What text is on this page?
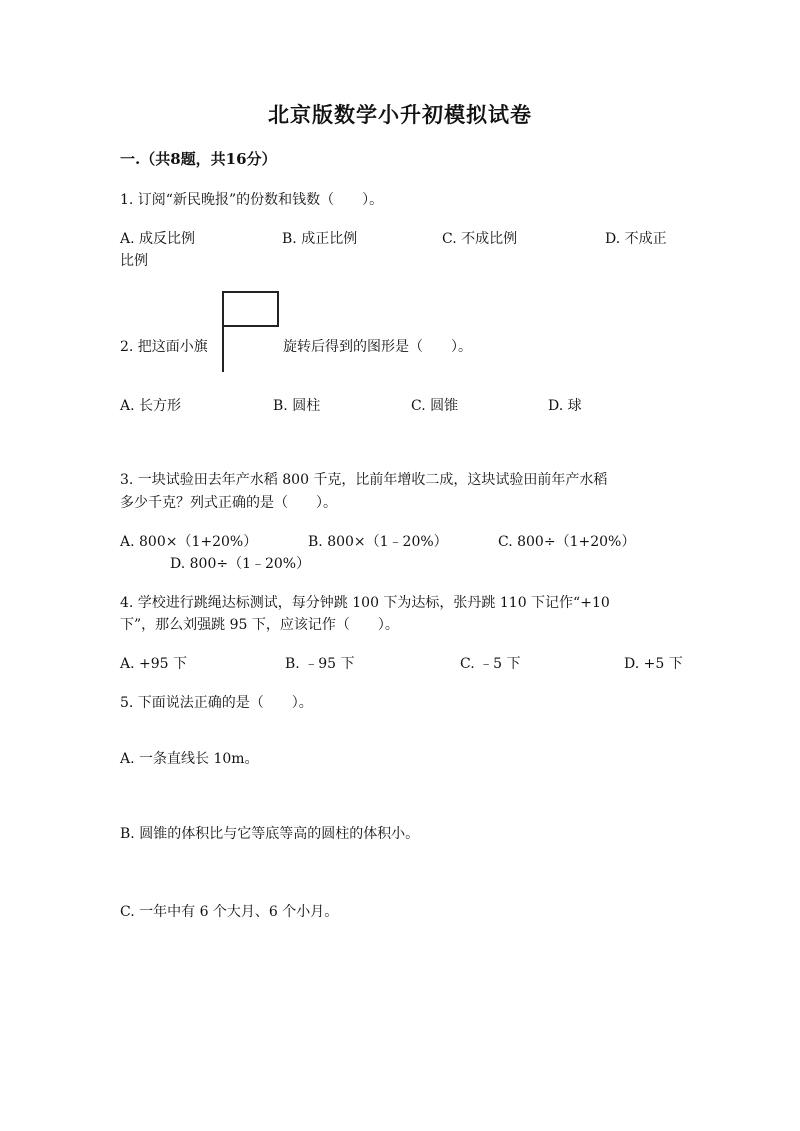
北京版数学小升初模拟试卷
一.（共8题，共16分）
1. 订阅“新民晚报”的份数和钱数（　　）。
A. 成反比例	B. 成正比例	C. 不成比例	D. 不成正
比例
2. 把这面小旗	旋转后得到的图形是（　　）。
A. 长方形	B. 圆柱	C. 圆锥	D. 球
3. 一块试验田去年产水稻 800 千克，比前年增收二成，这块试验田前年产水稻
多少千克？列式正确的是（　　）。
A. 800×（1+20%）	B. 800×（1﹣20%）	C. 800÷（1+20%）
D. 800÷（1﹣20%）
4. 学校进行跳绳达标测试，每分钟跳 100 下为达标，张丹跳 110 下记作“+10
下”，那么刘强跳 95 下，应该记作（　　）。
A. +95 下	B. ﹣95 下	C. ﹣5 下	D. +5 下
5. 下面说法正确的是（　　）。
A. 一条直线长 10m。
B. 圆锥的体积比与它等底等高的圆柱的体积小。
C. 一年中有 6 个大月、6 个小月。
